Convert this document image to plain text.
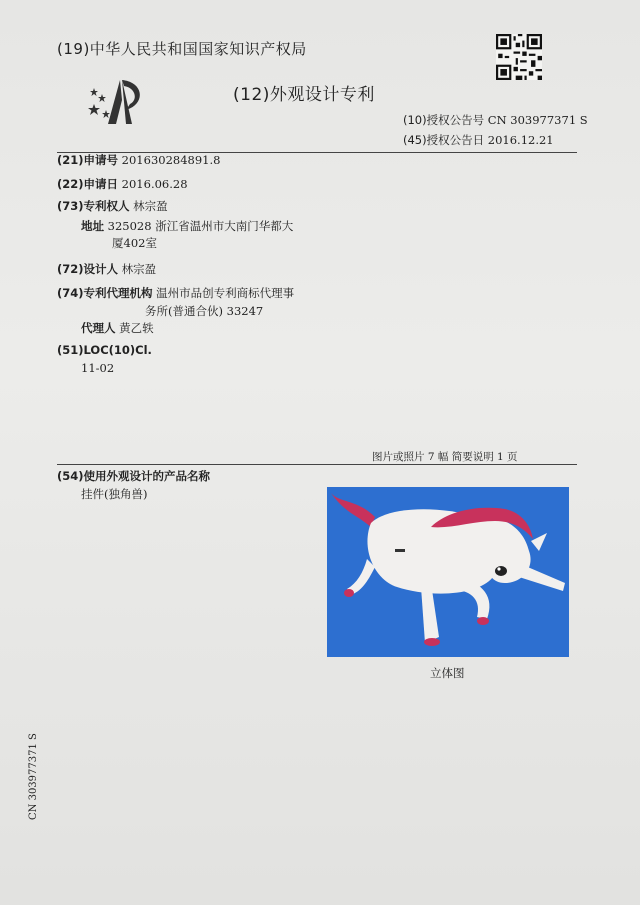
(19)中华人民共和国国家知识产权局
(12)外观设计专利
(10)授权公告号 CN 303977371 S
(45)授权公告日 2016.12.21
(21)申请号 201630284891.8
(22)申请日 2016.06.28
(73)专利权人 林宗盈
地址 325028 浙江省温州市大南门华都大
厦402室
(72)设计人 林宗盈
(74)专利代理机构 温州市品创专利商标代理事
务所(普通合伙) 33247
代理人 黄乙轶
(51)LOC(10)Cl.
11-02
图片或照片 7 幅 简要说明 1 页
(54)使用外观设计的产品名称
挂件(独角兽)
立体图
CN 303977371 S
